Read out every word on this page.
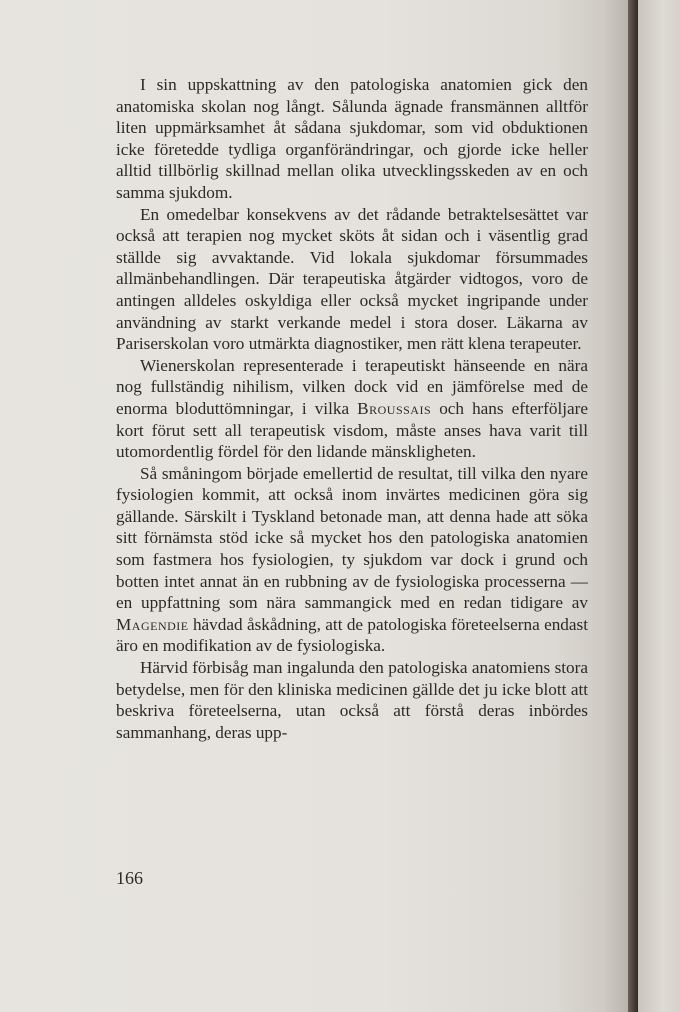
I sin uppskattning av den patologiska anatomien gick den anatomiska skolan nog långt. Sålunda ägnade fransmännen alltför liten uppmärksamhet åt sådana sjukdomar, som vid obduktionen icke företedde tydliga organförändringar, och gjorde icke heller alltid tillbörlig skillnad mellan olika utvecklingsskeden av en och samma sjukdom.

En omedelbar konsekvens av det rådande betraktelsesättet var också att terapien nog mycket sköts åt sidan och i väsentlig grad ställde sig avvaktande. Vid lokala sjukdomar försummades allmänbehandlingen. Där terapeutiska åtgärder vidtogos, voro de antingen alldeles oskyldiga eller också mycket ingripande under användning av starkt verkande medel i stora doser. Läkarna av Pariserskolan voro utmärkta diagnostiker, men rätt klena terapeuter.

Wienerskolan representerade i terapeutiskt hänseende en nära nog fullständig nihilism, vilken dock vid en jämförelse med de enorma bloduttömningar, i vilka Broussais och hans efterföljare kort förut sett all terapeutisk visdom, måste anses hava varit till utomordentlig fördel för den lidande mänskligheten.

Så småningom började emellertid de resultat, till vilka den nyare fysiologien kommit, att också inom invärtes medicinen göra sig gällande. Särskilt i Tyskland betonade man, att denna hade att söka sitt förnämsta stöd icke så mycket hos den patologiska anatomien som fastmera hos fysiologien, ty sjukdom var dock i grund och botten intet annat än en rubbning av de fysiologiska processerna — en uppfattning som nära sammangick med en redan tidigare av Magendie hävdad åskådning, att de patologiska företeelserna endast äro en modifikation av de fysiologiska.

Härvid förbisåg man ingalunda den patologiska anatomiens stora betydelse, men för den kliniska medicinen gällde det ju icke blott att beskriva företeelserna, utan också att förstå deras inbördes sammanhang, deras upp-

166
